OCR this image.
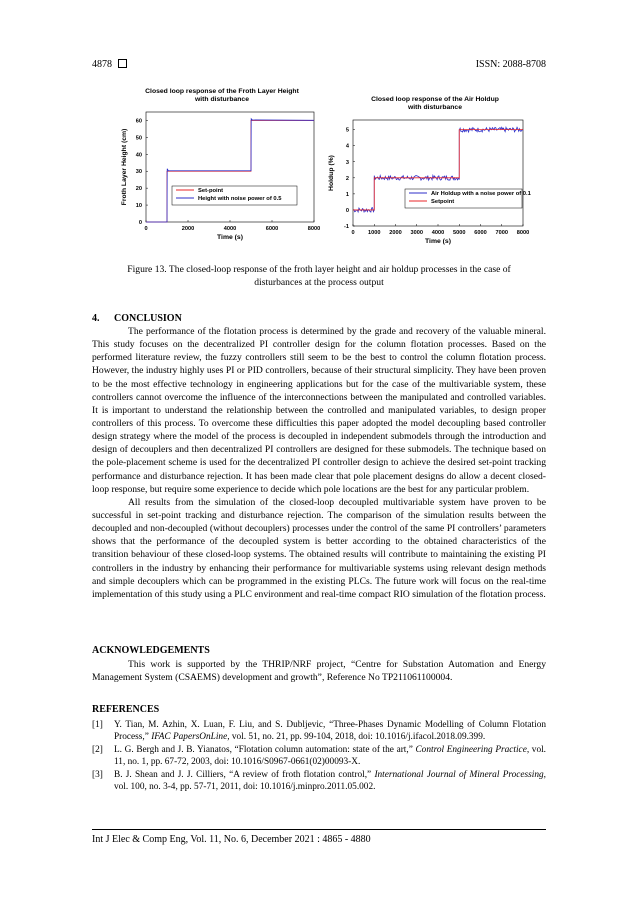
4878	ISSN: 2088-8708
Closed loop response of the Froth Layer Height
with disturbance
0	2000	4000	6000	8000
0
10
20
30
40
50
60
Time (s)
Froth Layer Height (cm)	Set-point
Height with noise power of 0.5
Closed loop response of the Air Holdup
with disturbance
0 1000 2000 3000 4000 5000 6000 7000 8000
-1
0
1
2
3
4
5
Time (s)
Holdup (%)
Air Holdup with a noise power of 0.1
Setpoint
Figure 13. The closed-loop response of the froth layer height and air holdup processes in the case of
disturbances at the process output
4. CONCLUSION

The performance of the flotation process is determined by the grade and recovery of the valuable mineral. This study focuses on the decentralized PI controller design for the column flotation processes. Based on the performed literature review, the fuzzy controllers still seem to be the best to control the column flotation process. However, the industry highly uses PI or PID controllers, because of their structural simplicity. They have been proven to be the most effective technology in engineering applications but for the case of the multivariable system, these controllers cannot overcome the influence of the interconnections between the manipulated and controlled variables. It is important to understand the relationship between the controlled and manipulated variables, to design proper controllers of this process. To overcome these difficulties this paper adopted the model decoupling based controller design strategy where the model of the process is decoupled in independent submodels through the introduction and design of decouplers and then decentralized PI controllers are designed for these submodels. The technique based on the pole-placement scheme is used for the decentralized PI controller design to achieve the desired set-point tracking performance and disturbance rejection. It has been made clear that pole placement designs do allow a decent closed-loop response, but require some experience to decide which pole locations are the best for any particular problem.

All results from the simulation of the closed-loop decoupled multivariable system have proven to be successful in set-point tracking and disturbance rejection. The comparison of the simulation results between the decoupled and non-decoupled (without decouplers) processes under the control of the same PI controllers’ parameters shows that the performance of the decoupled system is better according to the obtained characteristics of the transition behaviour of these closed-loop systems. The obtained results will contribute to maintaining the existing PI controllers in the industry by enhancing their performance for multivariable systems using relevant design methods and simple decouplers which can be programmed in the existing PLCs. The future work will focus on the real-time implementation of this study using a PLC environment and real-time compact RIO simulation of the flotation process.

ACKNOWLEDGEMENTS

This work is supported by the THRIP/NRF project, “Centre for Substation Automation and Energy Management System (CSAEMS) development and growth”, Reference No TP211061100004.

REFERENCES
[1] Y. Tian, M. Azhin, X. Luan, F. Liu, and S. Dubljevic, “Three-Phases Dynamic Modelling of Column Flotation Process,” IFAC PapersOnLine, vol. 51, no. 21, pp. 99-104, 2018, doi: 10.1016/j.ifacol.2018.09.399.
[2] L. G. Bergh and J. B. Yianatos, “Flotation column automation: state of the art,” Control Engineering Practice, vol. 11, no. 1, pp. 67-72, 2003, doi: 10.1016/S0967-0661(02)00093-X.
[3] B. J. Shean and J. J. Cilliers, “A review of froth flotation control,” International Journal of Mineral Processing, vol. 100, no. 3-4, pp. 57-71, 2011, doi: 10.1016/j.minpro.2011.05.002.
Int J Elec & Comp Eng, Vol. 11, No. 6, December 2021 : 4865 - 4880
